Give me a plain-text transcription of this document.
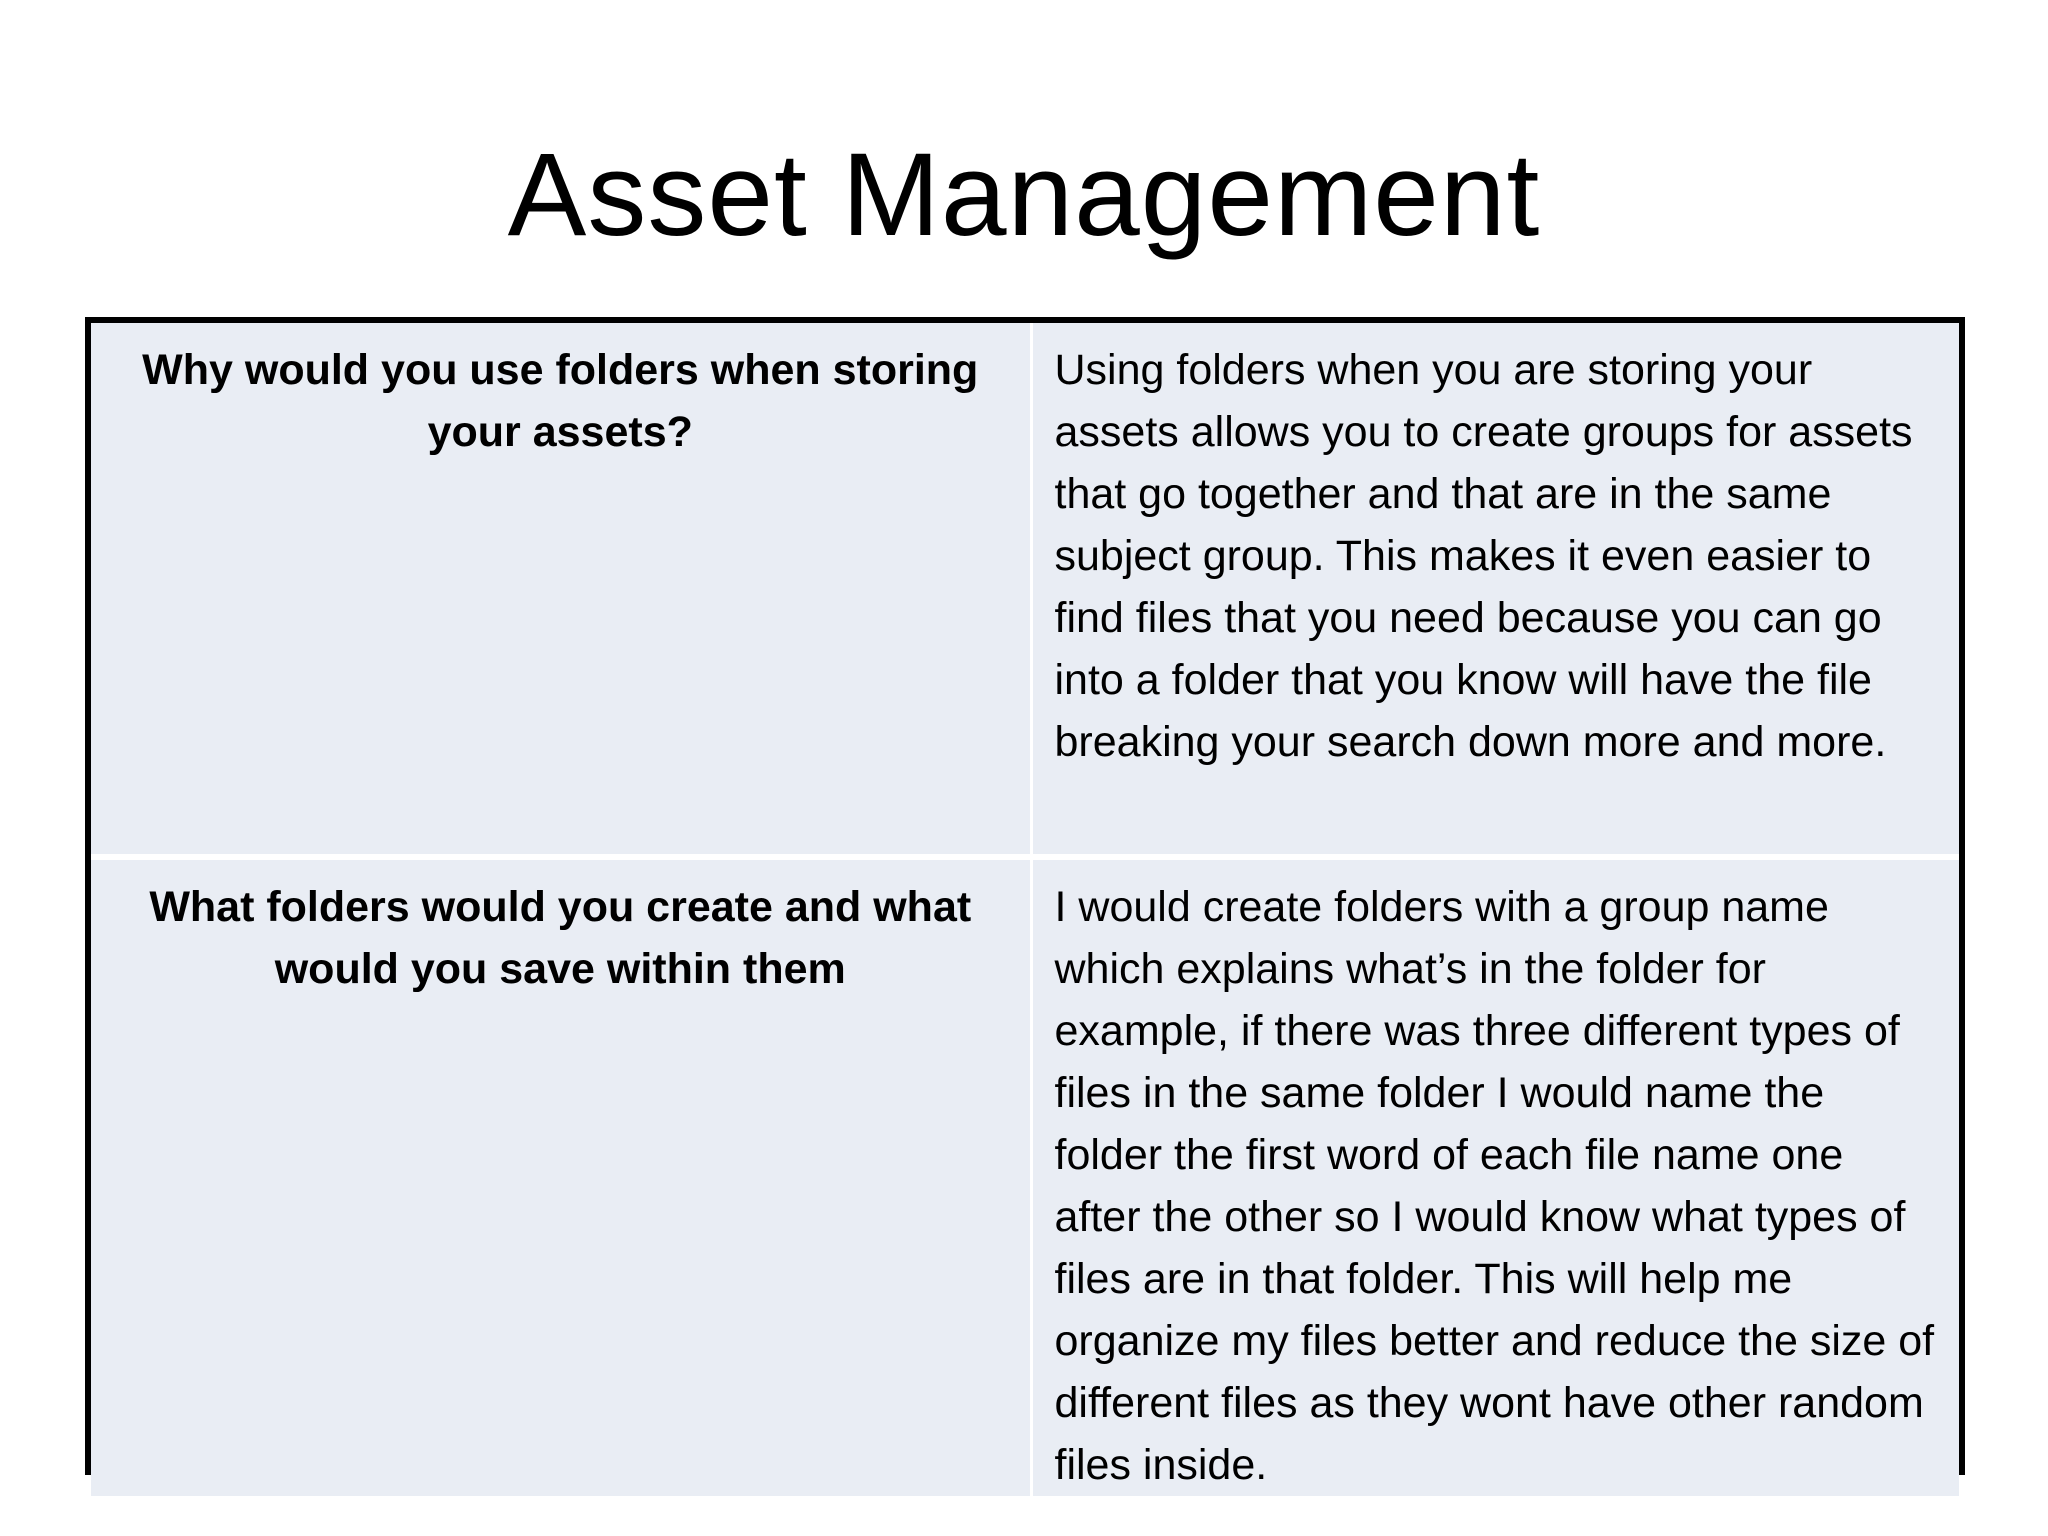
Asset Management
Why would you use folders when storing your assets?	Using folders when you are storing your assets allows you to create groups for assets that go together and that are in the same subject group. This makes it even easier to find files that you need because you can go into a folder that you know will have the file breaking your search down more and more.
What folders would you create and what would you save within them	I would create folders with a group name which explains what’s in the folder for example, if there was three different types of files in the same folder I would name the folder the first word of each file name one after the other so I would know what types of files are in that folder. This will help me organize my files better and reduce the size of different files as they wont have other random files inside.
